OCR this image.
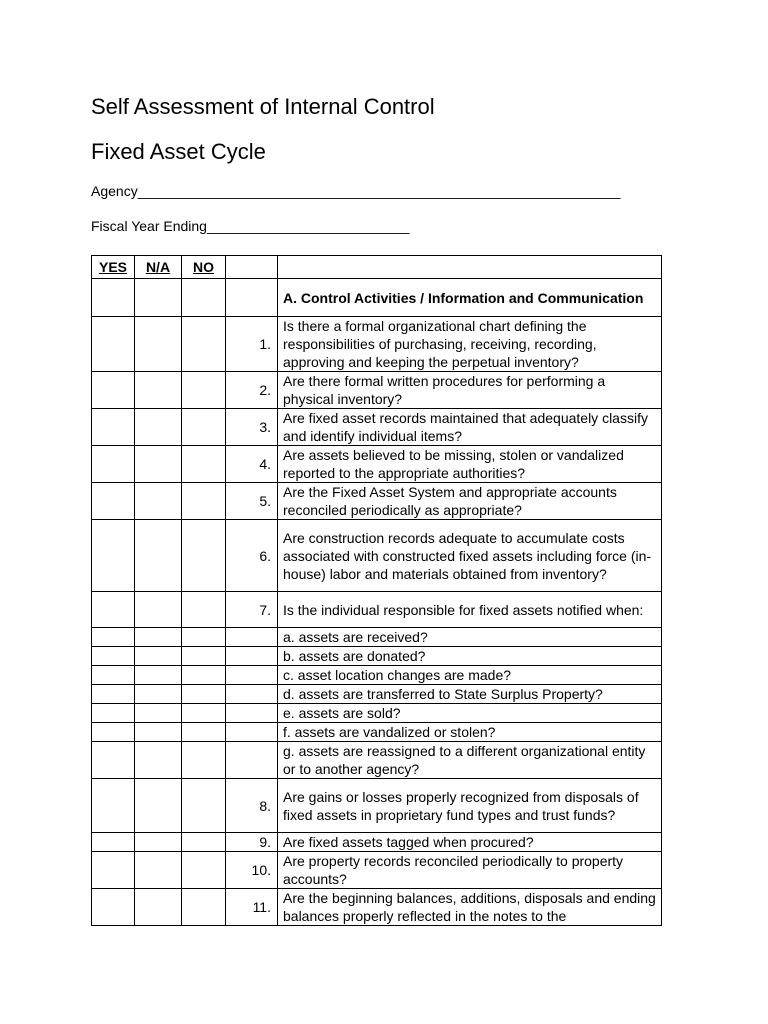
Self Assessment of Internal Control
Fixed Asset Cycle
Agency______________________________________________________________
Fiscal Year Ending__________________________
YES	N/A	NO		
				A. Control Activities / Information and Communication
			1.	Is there a formal organizational chart defining the responsibilities of purchasing, receiving, recording, approving and keeping the perpetual inventory?
			2.	Are there formal written procedures for performing a physical inventory?
			3.	Are fixed asset records maintained that adequately classify and identify individual items?
			4.	Are assets believed to be missing, stolen or vandalized reported to the appropriate authorities?
			5.	Are the Fixed Asset System and appropriate accounts reconciled periodically as appropriate?
			6.	Are construction records adequate to accumulate costs associated with constructed fixed assets including force (in- house) labor and materials obtained from inventory?
			7.	Is the individual responsible for fixed assets notified when:
				a. assets are received?
				b. assets are donated?
				c. asset location changes are made?
				d. assets are transferred to State Surplus Property?
				e. assets are sold?
				f. assets are vandalized or stolen?
				g. assets are reassigned to a different organizational entity or to another agency?
			8.	Are gains or losses properly recognized from disposals of fixed assets in proprietary fund types and trust funds?
			9.	Are fixed assets tagged when procured?
			10.	Are property records reconciled periodically to property accounts?
			11.	Are the beginning balances, additions, disposals and ending balances properly reflected in the notes to the
